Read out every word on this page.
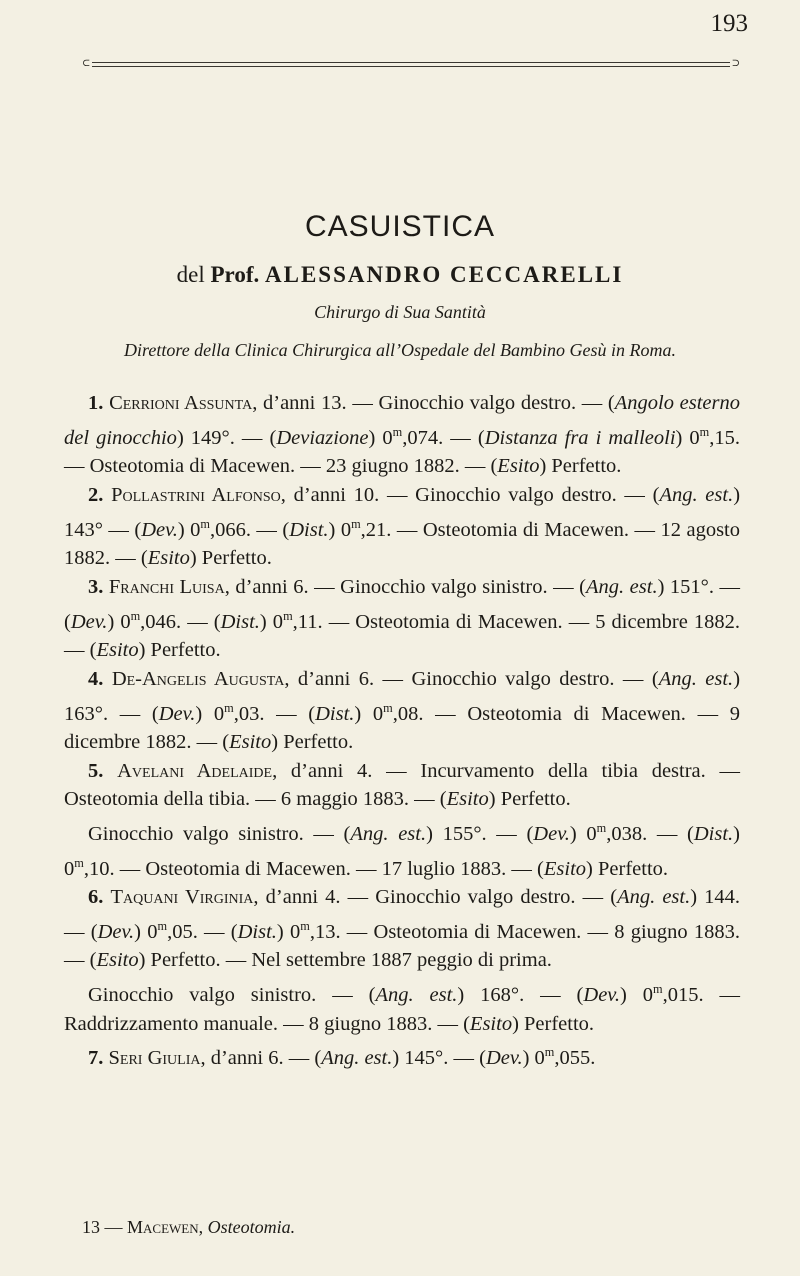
193
⊂	⊃
CASUISTICA
del Prof. ALESSANDRO CECCARELLI
Chirurgo di Sua Santità
Direttore della Clinica Chirurgica all’Ospedale del Bambino Gesù in Roma.

1. Cerrioni Assunta, d’anni 13. — Ginocchio valgo destro. — (Angolo esterno del ginocchio) 149°. — (Deviazione) 0$^m$,074. — (Distanza fra i malleoli) 0$^m$,15. — Osteotomia di Macewen. — 23 giugno 1882. — (Esito) Perfetto.

2. Pollastrini Alfonso, d’anni 10. — Ginocchio valgo destro. — (Ang. est.) 143° — (Dev.) 0$^m$,066. — (Dist.) 0$^m$,21. — Osteotomia di Macewen. — 12 agosto 1882. — (Esito) Perfetto.

3. Franchi Luisa, d’anni 6. — Ginocchio valgo sinistro. — (Ang. est.) 151°. — (Dev.) 0$^m$,046. — (Dist.) 0$^m$,11. — Osteotomia di Macewen. — 5 dicembre 1882. — (Esito) Perfetto.

4. De-Angelis Augusta, d’anni 6. — Ginocchio valgo destro. — (Ang. est.) 163°. — (Dev.) 0$^m$,03. — (Dist.) 0$^m$,08. — Osteotomia di Macewen. — 9 dicembre 1882. — (Esito) Perfetto.

5. Avelani Adelaide, d’anni 4. — Incurvamento della tibia destra. — Osteotomia della tibia. — 6 maggio 1883. — (Esito) Perfetto.

Ginocchio valgo sinistro. — (Ang. est.) 155°. — (Dev.) 0$^m$,038. — (Dist.) 0$^m$,10. — Osteotomia di Macewen. — 17 luglio 1883. — (Esito) Perfetto.

6. Taquani Virginia, d’anni 4. — Ginocchio valgo destro. — (Ang. est.) 144. — (Dev.) 0$^m$,05. — (Dist.) 0$^m$,13. — Osteotomia di Macewen. — 8 giugno 1883. — (Esito) Perfetto. — Nel settembre 1887 peggio di prima.

Ginocchio valgo sinistro. — (Ang. est.) 168°. — (Dev.) 0$^m$,015. — Raddrizzamento manuale. — 8 giugno 1883. — (Esito) Perfetto.

7. Seri Giulia, d’anni 6. — (Ang. est.) 145°. — (Dev.) 0$^m$,055.

13 — Macewen, Osteotomia.
